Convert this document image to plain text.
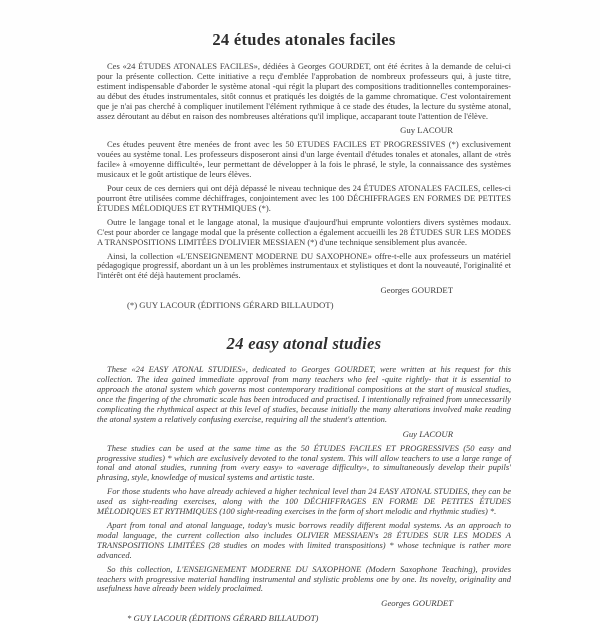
24 études atonales faciles

Ces «24 ÉTUDES ATONALES FACILES», dédiées à Georges GOURDET, ont été écrites à la demande de celui-ci pour la présente collection. Cette initiative a reçu d'emblée l'approbation de nombreux professeurs qui, à juste titre, estiment indispensable d'aborder le système atonal -qui régit la plupart des compositions traditionnelles contemporaines- au début des études instrumentales, sitôt connus et pratiqués les doigtés de la gamme chromatique. C'est volontairement que je n'ai pas cherché à compliquer inutilement l'élément rythmique à ce stade des études, la lecture du système atonal, assez déroutant au début en raison des nombreuses altérations qu'il implique, accaparant toute l'attention de l'élève.

Guy LACOUR

Ces études peuvent être menées de front avec les 50 ETUDES FACILES ET PROGRESSIVES (*) exclusivement vouées au système tonal. Les professeurs disposeront ainsi d'un large éventail d'études tonales et atonales, allant de «très facile» à «moyenne difficulté», leur permettant de développer à la fois le phrasé, le style, la connaissance des systèmes musicaux et le goût artistique de leurs élèves.

Pour ceux de ces derniers qui ont déjà dépassé le niveau technique des 24 ÉTUDES ATONALES FACILES, celles-ci pourront être utilisées comme déchiffrages, conjointement avec les 100 DÉCHIFFRAGES EN FORMES DE PETITES ÉTUDES MÉLODIQUES ET RYTHMIQUES (*).

Outre le langage tonal et le langage atonal, la musique d'aujourd'hui emprunte volontiers divers systèmes modaux. C'est pour aborder ce langage modal que la présente collection a également accueilli les 28 ÉTUDES SUR LES MODES A TRANSPOSITIONS LIMITÉES D'OLIVIER MESSIAEN (*) d'une technique sensiblement plus avancée.

Ainsi, la collection «L'ENSEIGNEMENT MODERNE DU SAXOPHONE» offre-t-elle aux professeurs un matériel pédagogique progressif, abordant un à un les problèmes instrumentaux et stylistiques et dont la nouveauté, l'originalité et l'intérêt ont été déjà hautement proclamés.

Georges GOURDET
(*) GUY LACOUR (ÉDITIONS GÉRARD BILLAUDOT)
24 easy atonal studies

These «24 EASY ATONAL STUDIES», dedicated to Georges GOURDET, were written at his request for this collection. The idea gained immediate approval from many teachers who feel -quite rightly- that it is essential to approach the atonal system which governs most contemporary traditional compositions at the start of musical studies, once the fingering of the chromatic scale has been introduced and practised. I intentionally refrained from unnecessarily complicating the rhythmical aspect at this level of studies, because initially the many alterations involved make reading the atonal system a relatively confusing exercise, requiring all the student's attention.

Guy LACOUR

These studies can be used at the same time as the 50 ÉTUDES FACILES ET PROGRESSIVES (50 easy and progressive studies) * which are exclusively devoted to the tonal system. This will allow teachers to use a large range of tonal and atonal studies, running from «very easy» to «average difficulty», to simultaneously develop their pupils' phrasing, style, knowledge of musical systems and artistic taste.

For those students who have already achieved a higher technical level than 24 EASY ATONAL STUDIES, they can be used as sight-reading exercises, along with the 100 DÉCHIFFRAGES EN FORME DE PETITES ÉTUDES MÉLODIQUES ET RYTHMIQUES (100 sight-reading exercises in the form of short melodic and rhythmic studies) *.

Apart from tonal and atonal language, today's music borrows readily different modal systems. As an approach to modal language, the current collection also includes OLIVIER MESSIAEN's 28 ÉTUDES SUR LES MODES A TRANSPOSITIONS LIMITÉES (28 studies on modes with limited transpositions) * whose technique is rather more advanced.

So this collection, L'ENSEIGNEMENT MODERNE DU SAXOPHONE (Modern Saxophone Teaching), provides teachers with progressive material handling instrumental and stylistic problems one by one. Its novelty, originality and usefulness have already been widely proclaimed.

Georges GOURDET
* GUY LACOUR (ÉDITIONS GÉRARD BILLAUDOT)
